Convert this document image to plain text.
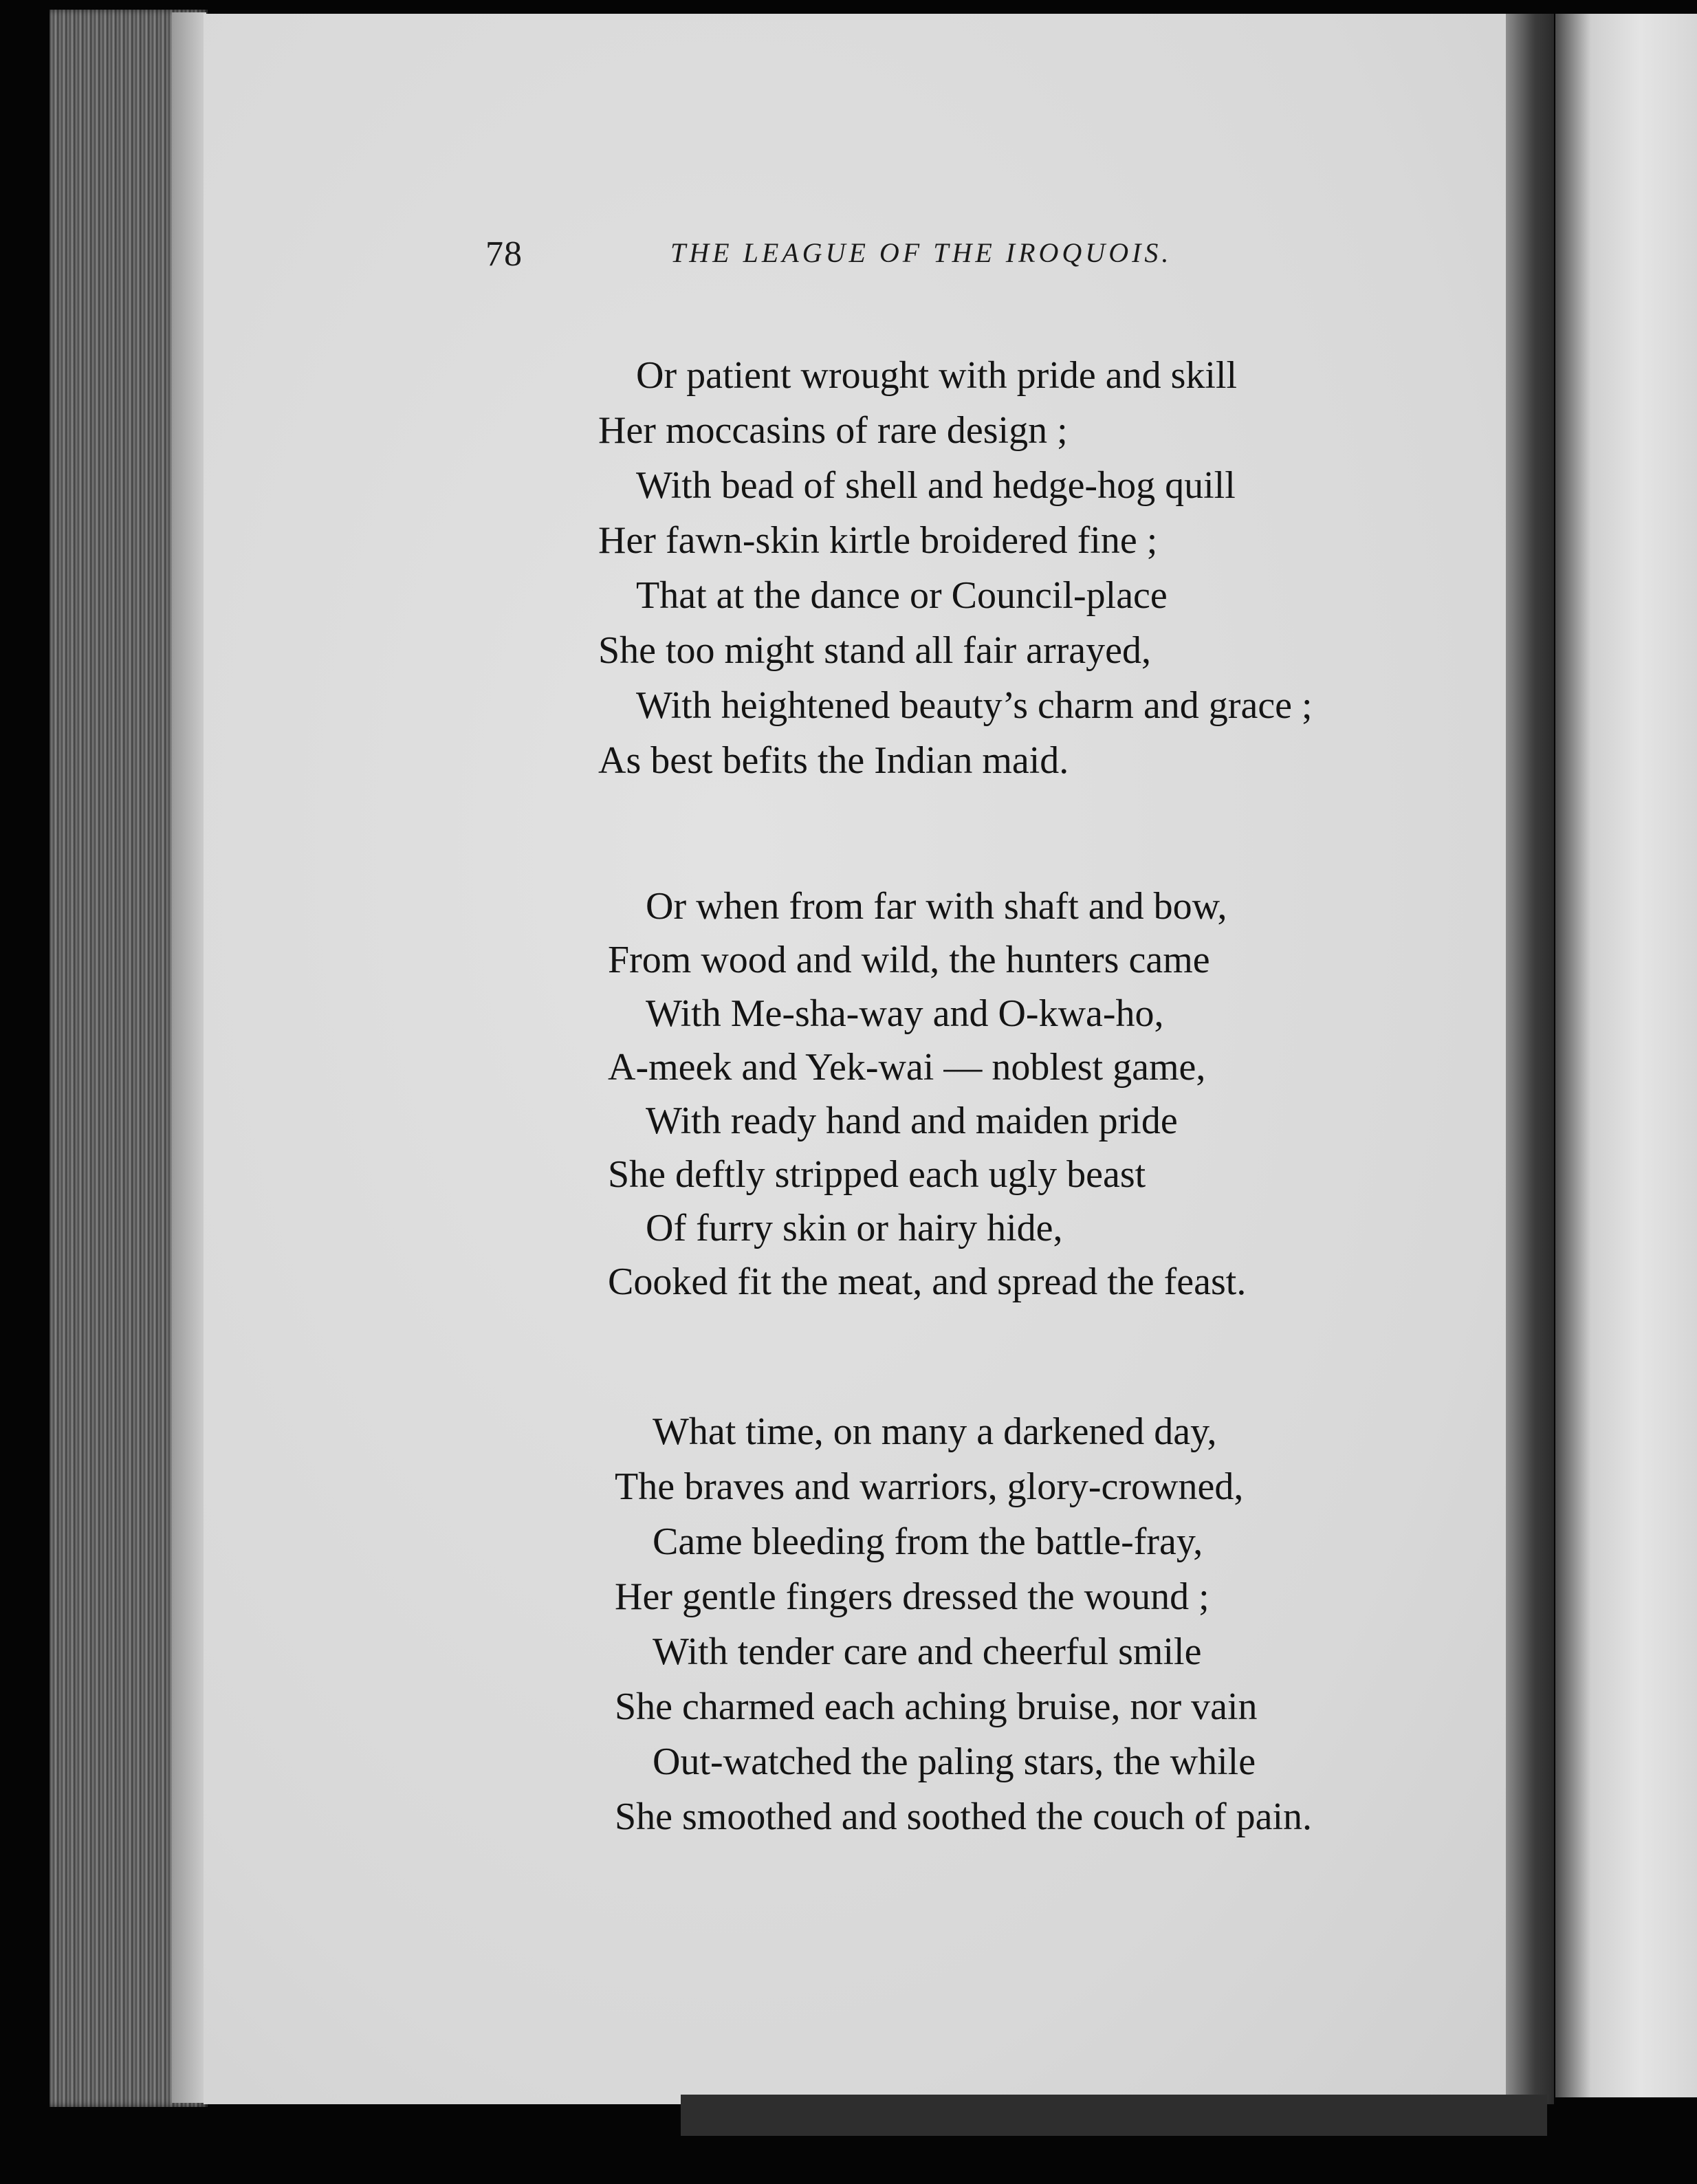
78	THE LEAGUE OF THE IROQUOIS.
Or patient wrought with pride and skill
Her moccasins of rare design ;
With bead of shell and hedge-hog quill
Her fawn-skin kirtle broidered fine ;
That at the dance or Council-place
She too might stand all fair arrayed,
With heightened beauty’s charm and grace ;
As best befits the Indian maid.
Or when from far with shaft and bow,
From wood and wild, the hunters came
With Me-sha-way and O-kwa-ho,
A-meek and Yek-wai — noblest game,
With ready hand and maiden pride
She deftly stripped each ugly beast
Of furry skin or hairy hide,
Cooked fit the meat, and spread the feast.
What time, on many a darkened day,
The braves and warriors, glory-crowned,
Came bleeding from the battle-fray,
Her gentle fingers dressed the wound ;
With tender care and cheerful smile
She charmed each aching bruise, nor vain
Out-watched the paling stars, the while
She smoothed and soothed the couch of pain.
